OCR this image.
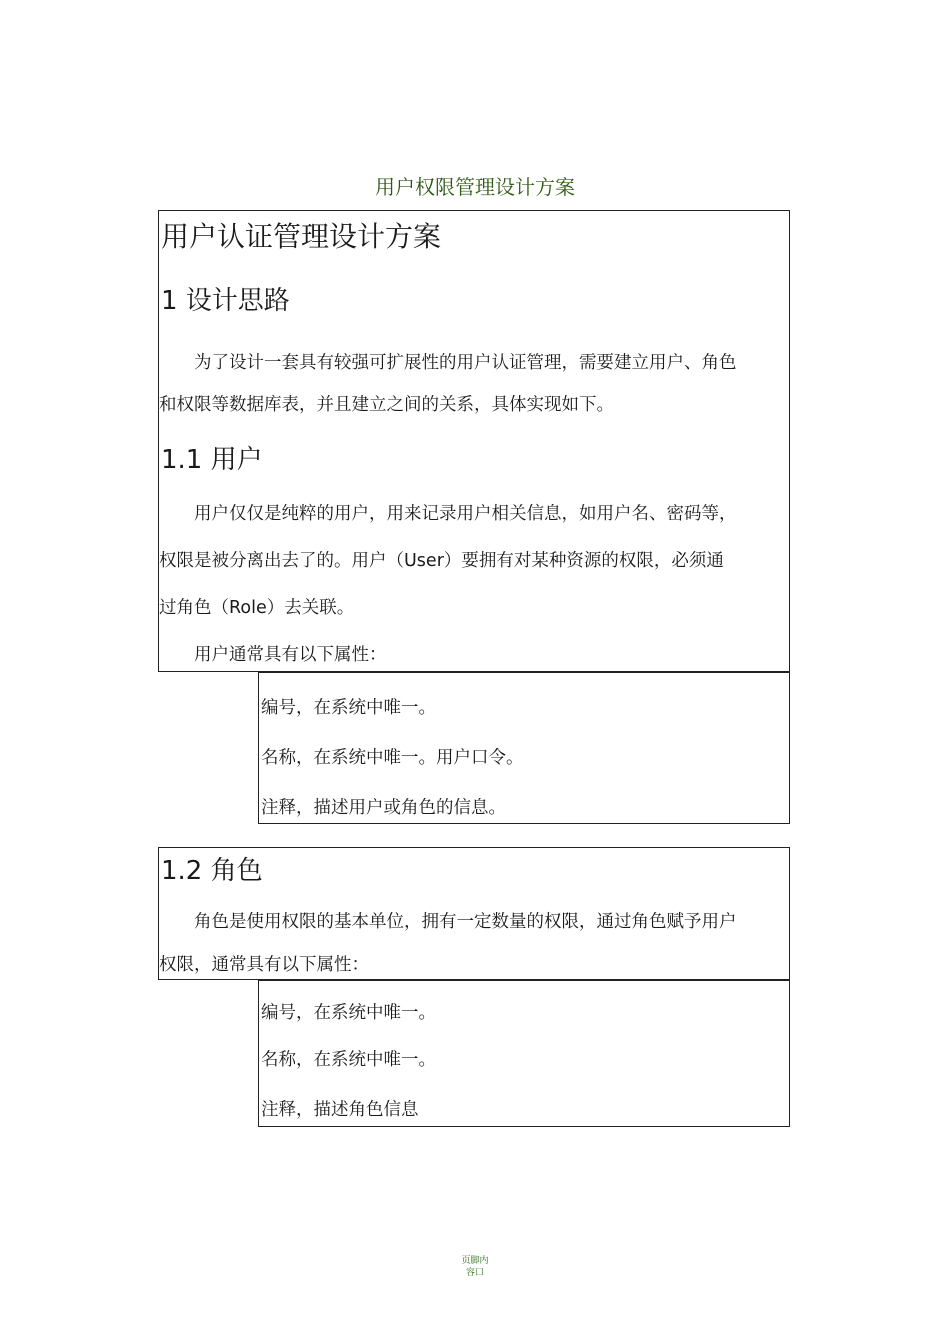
用户权限管理设计方案
用户认证管理设计方案
1 设计思路
为了设计一套具有较强可扩展性的用户认证管理，需要建立用户、角色
和权限等数据库表，并且建立之间的关系，具体实现如下。
1.1 用户
用户仅仅是纯粹的用户，用来记录用户相关信息，如用户名、密码等，
权限是被分离出去了的。用户（User）要拥有对某种资源的权限，必须通
过角色（Role）去关联。
用户通常具有以下属性：
编号，在系统中唯一。
名称，在系统中唯一。用户口令。
注释，描述用户或角色的信息。
1.2 角色
角色是使用权限的基本单位，拥有一定数量的权限，通过角色赋予用户
权限，通常具有以下属性：
编号，在系统中唯一。
名称，在系统中唯一。
注释，描述角色信息
页脚内
容口
